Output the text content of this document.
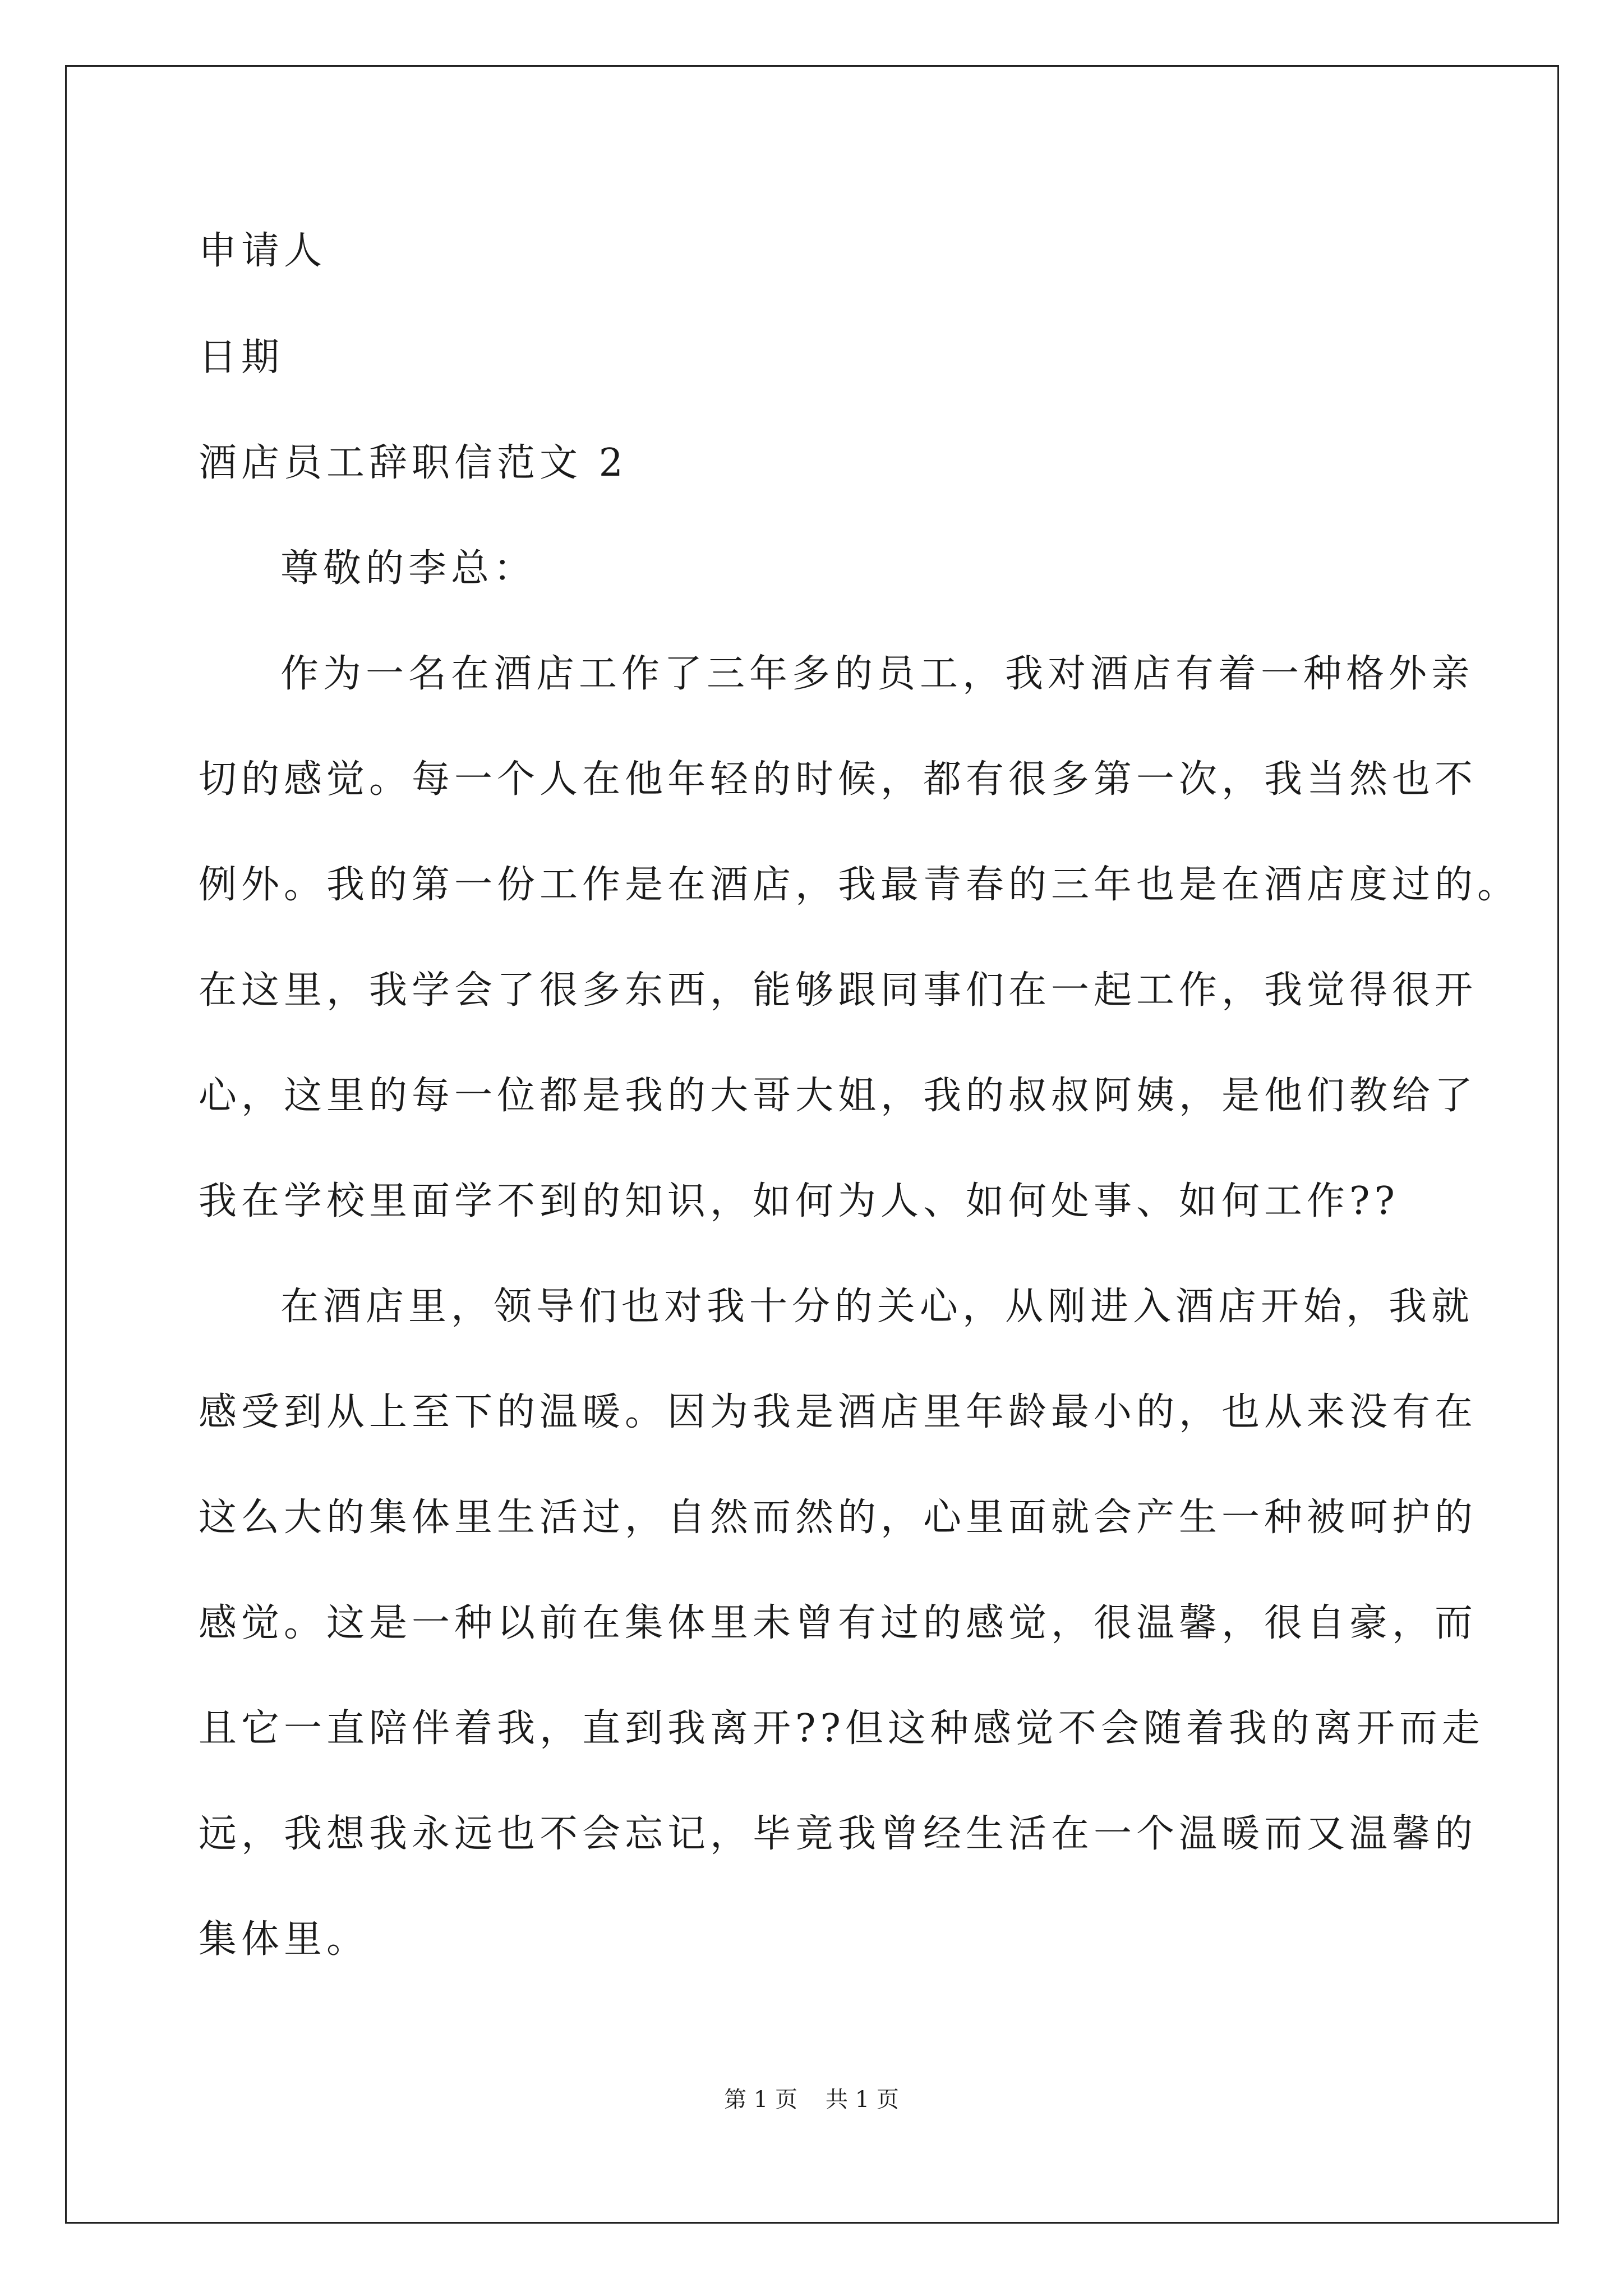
申请人
日期
酒店员工辞职信范文 2
尊敬的李总：
作为一名在酒店工作了三年多的员工，我对酒店有着一种格外亲
切的感觉。每一个人在他年轻的时候，都有很多第一次，我当然也不
例外。我的第一份工作是在酒店，我最青春的三年也是在酒店度过的。
在这里，我学会了很多东西，能够跟同事们在一起工作，我觉得很开
心，这里的每一位都是我的大哥大姐，我的叔叔阿姨，是他们教给了
我在学校里面学不到的知识，如何为人、如何处事、如何工作??
在酒店里，领导们也对我十分的关心，从刚进入酒店开始，我就
感受到从上至下的温暖。因为我是酒店里年龄最小的，也从来没有在
这么大的集体里生活过，自然而然的，心里面就会产生一种被呵护的
感觉。这是一种以前在集体里未曾有过的感觉，很温馨，很自豪，而
且它一直陪伴着我，直到我离开??但这种感觉不会随着我的离开而走
远，我想我永远也不会忘记，毕竟我曾经生活在一个温暖而又温馨的
集体里。
第 1 页 共 1 页
